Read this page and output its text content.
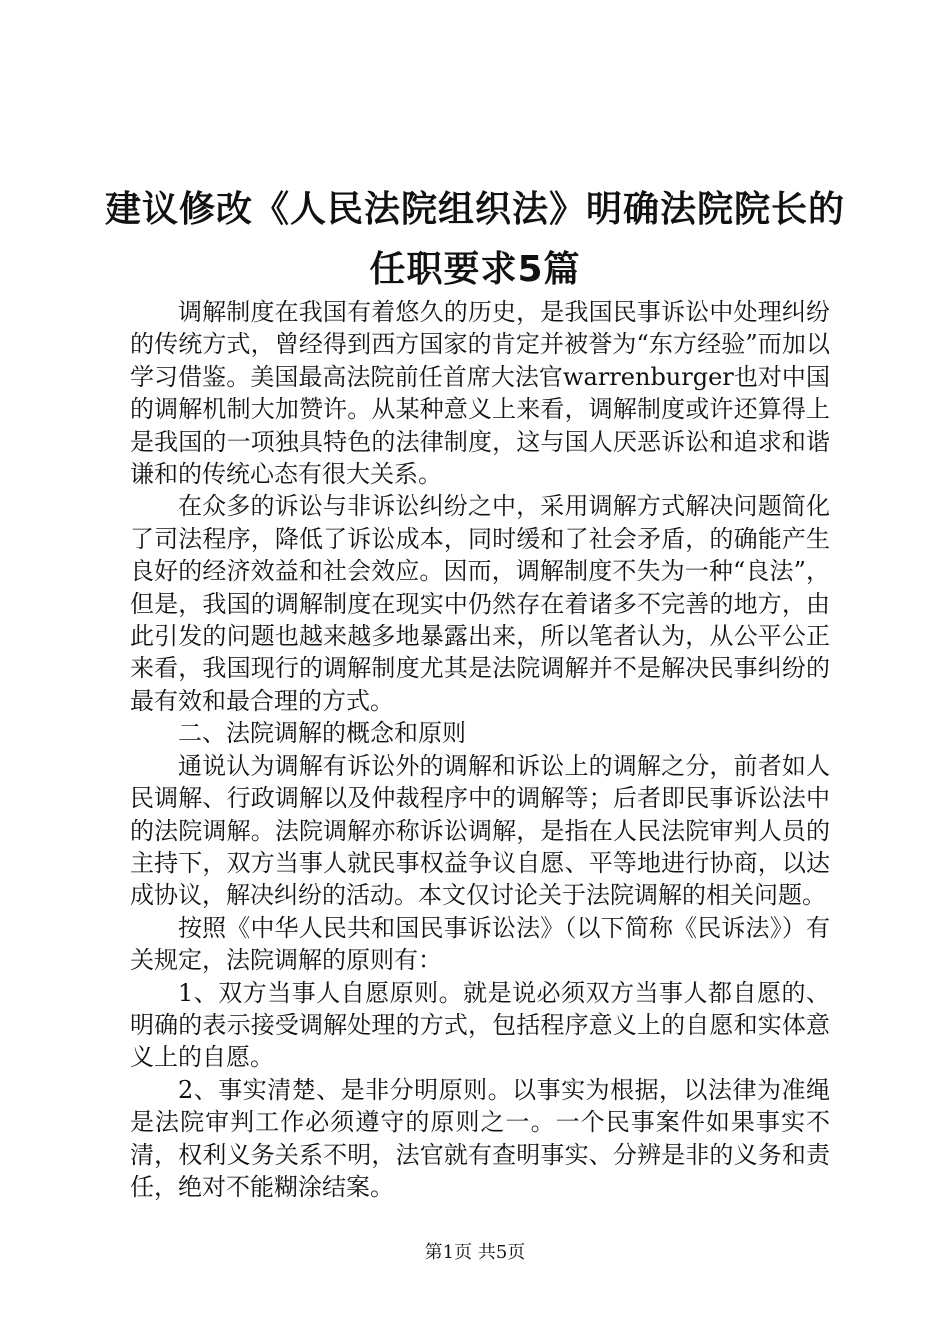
建议修改《人民法院组织法》明确法院院长的
任职要求5篇

调解制度在我国有着悠久的历史，是我国民事诉讼中处理纠纷的传统方式，曾经得到西方国家的肯定并被誉为“东方经验”而加以学习借鉴。美国最高法院前任首席大法官warrenburger也对中国的调解机制大加赞许。从某种意义上来看，调解制度或许还算得上是我国的一项独具特色的法律制度，这与国人厌恶诉讼和追求和谐谦和的传统心态有很大关系。

在众多的诉讼与非诉讼纠纷之中，采用调解方式解决问题简化了司法程序，降低了诉讼成本，同时缓和了社会矛盾，的确能产生良好的经济效益和社会效应。因而，调解制度不失为一种“良法”，但是，我国的调解制度在现实中仍然存在着诸多不完善的地方，由此引发的问题也越来越多地暴露出来，所以笔者认为，从公平公正来看，我国现行的调解制度尤其是法院调解并不是解决民事纠纷的最有效和最合理的方式。

二、法院调解的概念和原则

通说认为调解有诉讼外的调解和诉讼上的调解之分，前者如人民调解、行政调解以及仲裁程序中的调解等；后者即民事诉讼法中的法院调解。法院调解亦称诉讼调解，是指在人民法院审判人员的主持下，双方当事人就民事权益争议自愿、平等地进行协商，以达成协议，解决纠纷的活动。本文仅讨论关于法院调解的相关问题。

按照《中华人民共和国民事诉讼法》（以下简称《民诉法》）有关规定，法院调解的原则有：

1、双方当事人自愿原则。就是说必须双方当事人都自愿的、明确的表示接受调解处理的方式，包括程序意义上的自愿和实体意义上的自愿。

2、事实清楚、是非分明原则。以事实为根据，以法律为准绳是法院审判工作必须遵守的原则之一。一个民事案件如果事实不清，权利义务关系不明，法官就有查明事实、分辨是非的义务和责任，绝对不能糊涂结案。

第1页 共5页
